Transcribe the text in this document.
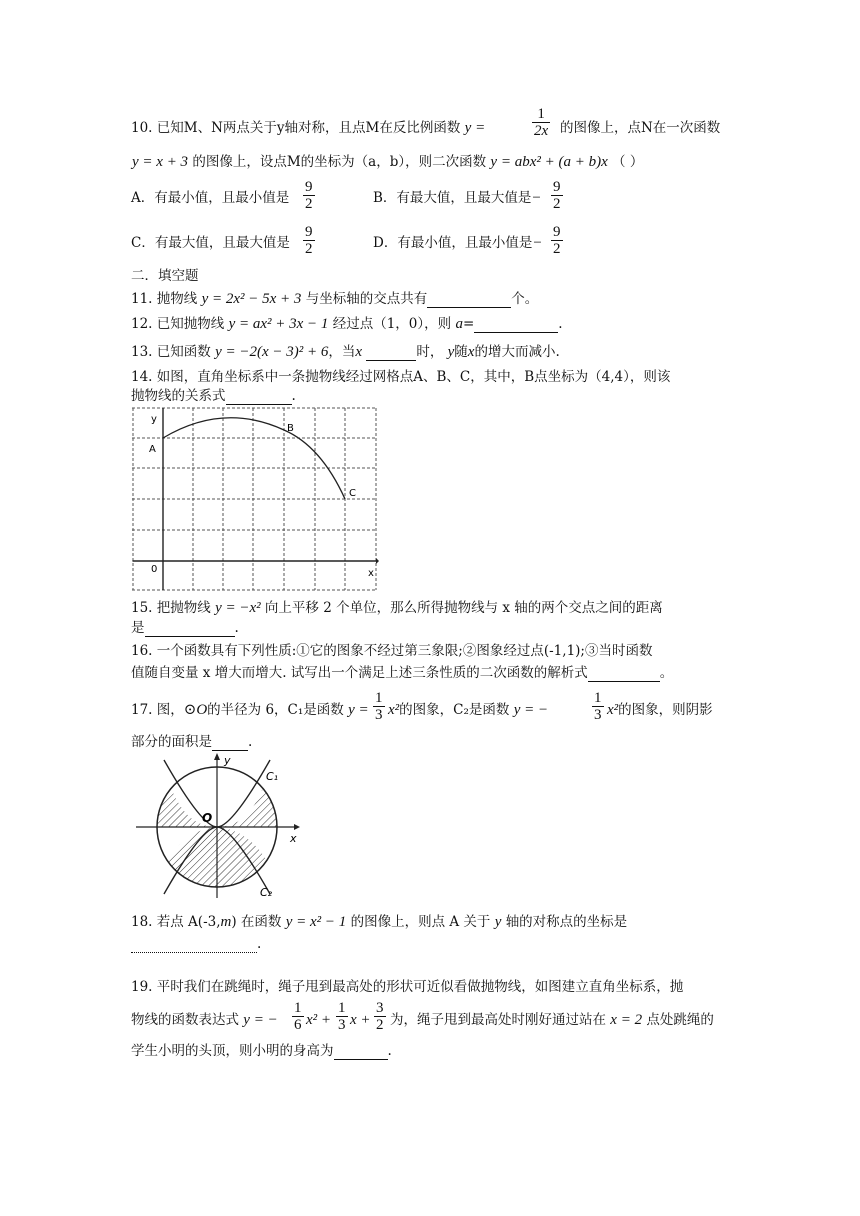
10. 已知M、N两点关于y轴对称，且点M在反比例函数 y =	$\frac{1}{2x}$ 的图像上，点N在一次函数
y = x + 3 的图像上，设点M的坐标为（a，b），则二次函数 y = abx² + (a + b)x （ ）
A．有最小值，且最小值是 $\frac{9}{2}$	B．有最大值，且最大值是− $\frac{9}{2}$
C．有最大值，且最大值是 $\frac{9}{2}$	D．有最小值，且最小值是− $\frac{9}{2}$
二．填空题
11. 抛物线 y = 2x² − 5x + 3 与坐标轴的交点共有	个。
12. 已知抛物线 y = ax² + 3x − 1 经过点（1，0），则 a=	.
13. 已知函数 y = −2(x − 3)² + 6，当x	时， y随x的增大而减小.
14. 如图，直角坐标系中一条抛物线经过网格点A、B、C，其中，B点坐标为（4,4），则该
抛物线的关系式	.
y
A
B
C
0	x
15. 把抛物线 y = −x² 向上平移 2 个单位，那么所得抛物线与 x 轴的两个交点之间的距离
是	.
16. 一个函数具有下列性质:①它的图象不经过第三象限;②图象经过点(-1,1);③当时函数
值随自变量 x 增大而增大. 试写出一个满足上述三条性质的二次函数的解析式	。
17. 图，⊙O的半径为 6，C₁是函数 $y = \frac{1}{3} x^2$的图象，C₂是函数 y = −	$\frac{1}{3} x^2$的图象，则阴影
部分的面积是	.
y
x
O
C₁
C₂
18. 若点 A(-3,m) 在函数 y = x² − 1 的图像上，则点 A 关于 y 轴的对称点的坐标是
.
19. 平时我们在跳绳时，绳子甩到最高处的形状可近似看做抛物线，如图建立直角坐标系，抛
物线的函数表达式 y = − $\frac{1}{6} x^2 + \frac{1}{3}$ $x + \frac{3}{2}$ 为，绳子甩到最高处时刚好通过站在 x = 2 点处跳绳的
学生小明的头顶，则小明的身高为	.
